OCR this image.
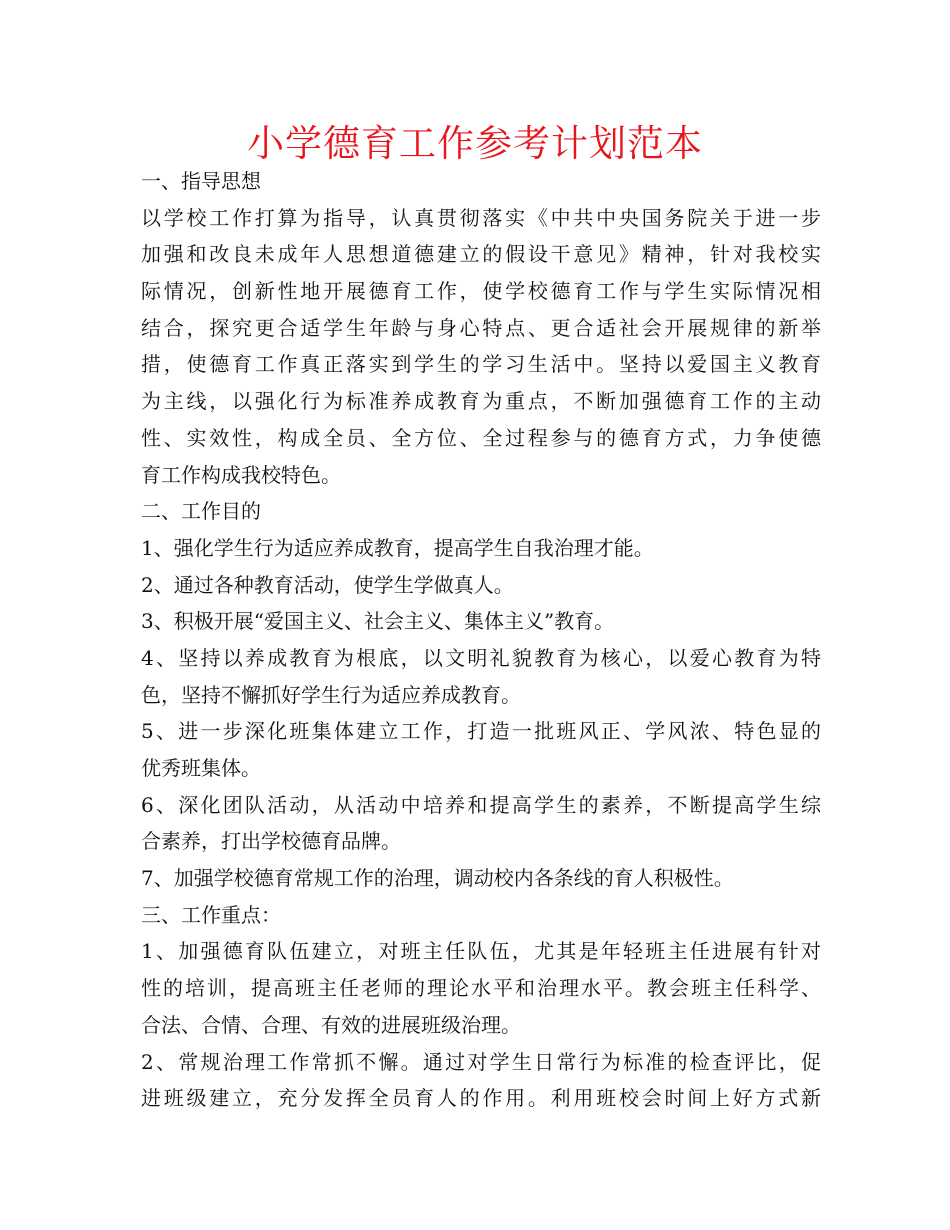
小学德育工作参考计划范本
一、指导思想
以学校工作打算为指导，认真贯彻落实《中共中央国务院关于进一步
加强和改良未成年人思想道德建立的假设干意见》精神，针对我校实
际情况，创新性地开展德育工作，使学校德育工作与学生实际情况相
结合，探究更合适学生年龄与身心特点、更合适社会开展规律的新举
措，使德育工作真正落实到学生的学习生活中。坚持以爱国主义教育
为主线，以强化行为标准养成教育为重点，不断加强德育工作的主动
性、实效性，构成全员、全方位、全过程参与的德育方式，力争使德
育工作构成我校特色。
二、工作目的
1、强化学生行为适应养成教育，提高学生自我治理才能。
2、通过各种教育活动，使学生学做真人。
3、积极开展“爱国主义、社会主义、集体主义”教育。
4、坚持以养成教育为根底，以文明礼貌教育为核心，以爱心教育为特
色，坚持不懈抓好学生行为适应养成教育。
5、进一步深化班集体建立工作，打造一批班风正、学风浓、特色显的
优秀班集体。
6、深化团队活动，从活动中培养和提高学生的素养，不断提高学生综
合素养，打出学校德育品牌。
7、加强学校德育常规工作的治理，调动校内各条线的育人积极性。
三、工作重点：
1、加强德育队伍建立，对班主任队伍，尤其是年轻班主任进展有针对
性的培训，提高班主任老师的理论水平和治理水平。教会班主任科学、
合法、合情、合理、有效的进展班级治理。
2、常规治理工作常抓不懈。通过对学生日常行为标准的检查评比，促
进班级建立，充分发挥全员育人的作用。利用班校会时间上好方式新
